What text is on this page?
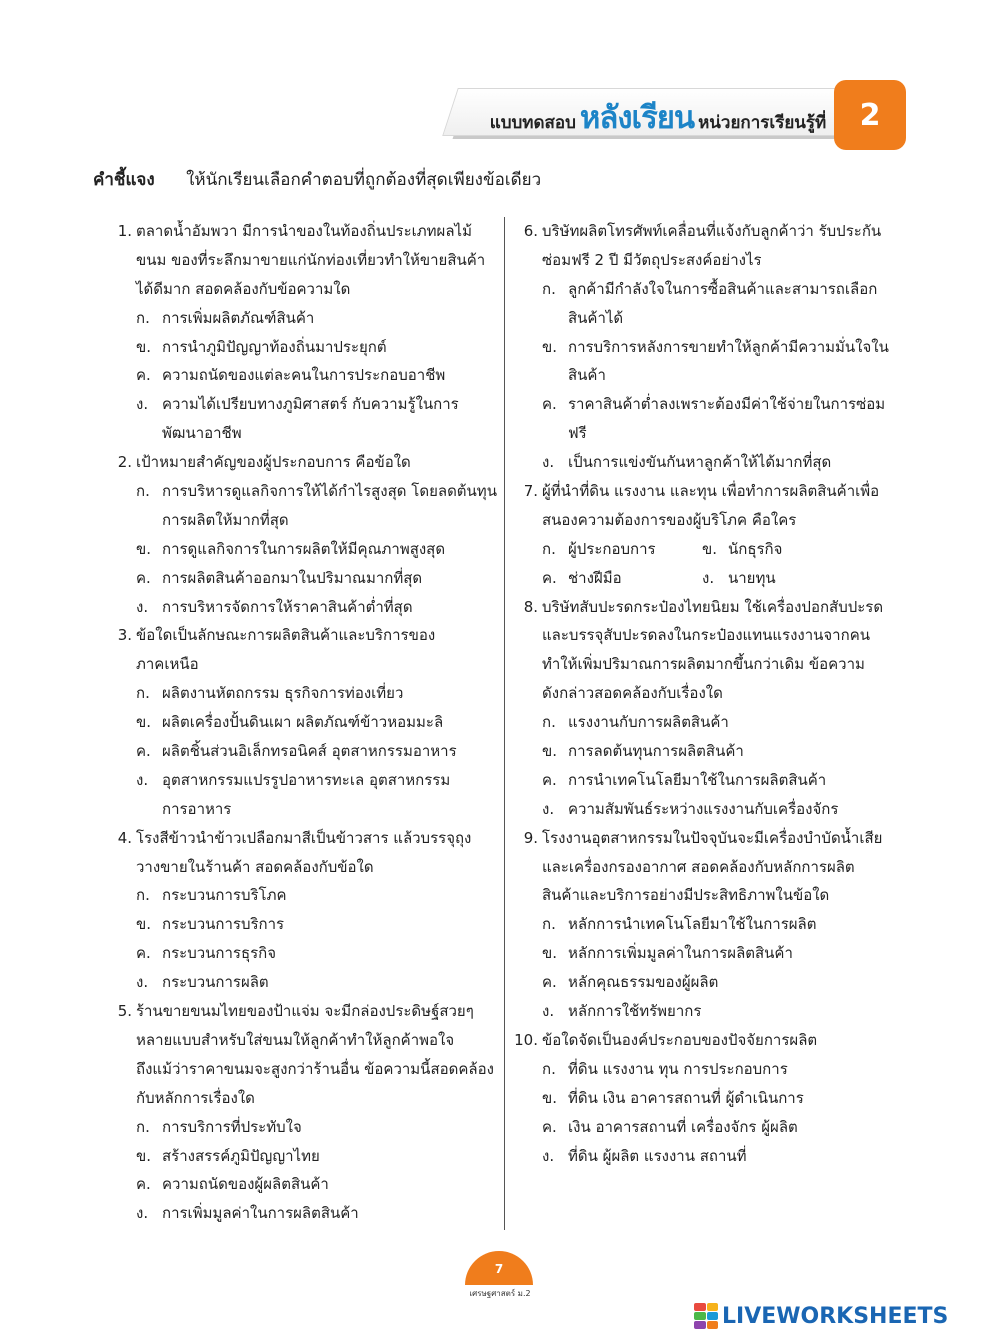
แบบทดสอบ หลังเรียน หน่วยการเรียนรู้ที่	2
คำชี้แจง ให้นักเรียนเลือกคำตอบที่ถูกต้องที่สุดเพียงข้อเดียว
1. ตลาดน้ำอัมพวา มีการนำของในท้องถิ่นประเภทผลไม้
ขนม ของที่ระลึกมาขายแก่นักท่องเที่ยวทำให้ขายสินค้า
ได้ดีมาก สอดคล้องกับข้อความใด
ก. การเพิ่มผลิตภัณฑ์สินค้า
ข. การนำภูมิปัญญาท้องถิ่นมาประยุกต์
ค. ความถนัดของแต่ละคนในการประกอบอาชีพ
ง. ความได้เปรียบทางภูมิศาสตร์ กับความรู้ในการ
พัฒนาอาชีพ
2. เป้าหมายสำคัญของผู้ประกอบการ คือข้อใด
ก. การบริหารดูแลกิจการให้ได้กำไรสูงสุด โดยลดต้นทุน
การผลิตให้มากที่สุด
ข. การดูแลกิจการในการผลิตให้มีคุณภาพสูงสุด
ค. การผลิตสินค้าออกมาในปริมาณมากที่สุด
ง. การบริหารจัดการให้ราคาสินค้าต่ำที่สุด
3. ข้อใดเป็นลักษณะการผลิตสินค้าและบริการของ
ภาคเหนือ
ก. ผลิตงานหัตถกรรม ธุรกิจการท่องเที่ยว
ข. ผลิตเครื่องปั้นดินเผา ผลิตภัณฑ์ข้าวหอมมะลิ
ค. ผลิตชิ้นส่วนอิเล็กทรอนิคส์ อุตสาหกรรมอาหาร
ง. อุตสาหกรรมแปรรูปอาหารทะเล อุตสาหกรรม
การอาหาร
4. โรงสีข้าวนำข้าวเปลือกมาสีเป็นข้าวสาร แล้วบรรจุถุง
วางขายในร้านค้า สอดคล้องกับข้อใด
ก. กระบวนการบริโภค
ข. กระบวนการบริการ
ค. กระบวนการธุรกิจ
ง. กระบวนการผลิต
5. ร้านขายขนมไทยของป้าแจ่ม จะมีกล่องประดิษฐ์สวยๆ
หลายแบบสำหรับใส่ขนมให้ลูกค้าทำให้ลูกค้าพอใจ
ถึงแม้ว่าราคาขนมจะสูงกว่าร้านอื่น ข้อความนี้สอดคล้อง
กับหลักการเรื่องใด
ก. การบริการที่ประทับใจ
ข. สร้างสรรค์ภูมิปัญญาไทย
ค. ความถนัดของผู้ผลิตสินค้า
ง. การเพิ่มมูลค่าในการผลิตสินค้า
6. บริษัทผลิตโทรศัพท์เคลื่อนที่แจ้งกับลูกค้าว่า รับประกัน
ซ่อมฟรี 2 ปี มีวัตถุประสงค์อย่างไร
ก. ลูกค้ามีกำลังใจในการซื้อสินค้าและสามารถเลือก
สินค้าได้
ข. การบริการหลังการขายทำให้ลูกค้ามีความมั่นใจใน
สินค้า
ค. ราคาสินค้าต่ำลงเพราะต้องมีค่าใช้จ่ายในการซ่อม
ฟรี
ง. เป็นการแข่งขันกันหาลูกค้าให้ได้มากที่สุด
7. ผู้ที่นำที่ดิน แรงงาน และทุน เพื่อทำการผลิตสินค้าเพื่อ
สนองความต้องการของผู้บริโภค คือใคร
ก. ผู้ประกอบการ	ข. นักธุรกิจ
ค. ช่างฝีมือ	ง. นายทุน
8. บริษัทสับปะรดกระป๋องไทยนิยม ใช้เครื่องปอกสับปะรด
และบรรจุสับปะรดลงในกระป๋องแทนแรงงานจากคน
ทำให้เพิ่มปริมาณการผลิตมากขึ้นกว่าเดิม ข้อความ
ดังกล่าวสอดคล้องกับเรื่องใด
ก. แรงงานกับการผลิตสินค้า
ข. การลดต้นทุนการผลิตสินค้า
ค. การนำเทคโนโลยีมาใช้ในการผลิตสินค้า
ง. ความสัมพันธ์ระหว่างแรงงานกับเครื่องจักร
9. โรงงานอุตสาหกรรมในปัจจุบันจะมีเครื่องบำบัดน้ำเสีย
และเครื่องกรองอากาศ สอดคล้องกับหลักการผลิต
สินค้าและบริการอย่างมีประสิทธิภาพในข้อใด
ก. หลักการนำเทคโนโลยีมาใช้ในการผลิต
ข. หลักการเพิ่มมูลค่าในการผลิตสินค้า
ค. หลักคุณธรรมของผู้ผลิต
ง. หลักการใช้ทรัพยากร
10. ข้อใดจัดเป็นองค์ประกอบของปัจจัยการผลิต
ก. ที่ดิน แรงงาน ทุน การประกอบการ
ข. ที่ดิน เงิน อาคารสถานที่ ผู้ดำเนินการ
ค. เงิน อาคารสถานที่ เครื่องจักร ผู้ผลิต
ง. ที่ดิน ผู้ผลิต แรงงาน สถานที่
7
เศรษฐศาสตร์ ม.2
LIVEWORKSHEETS
